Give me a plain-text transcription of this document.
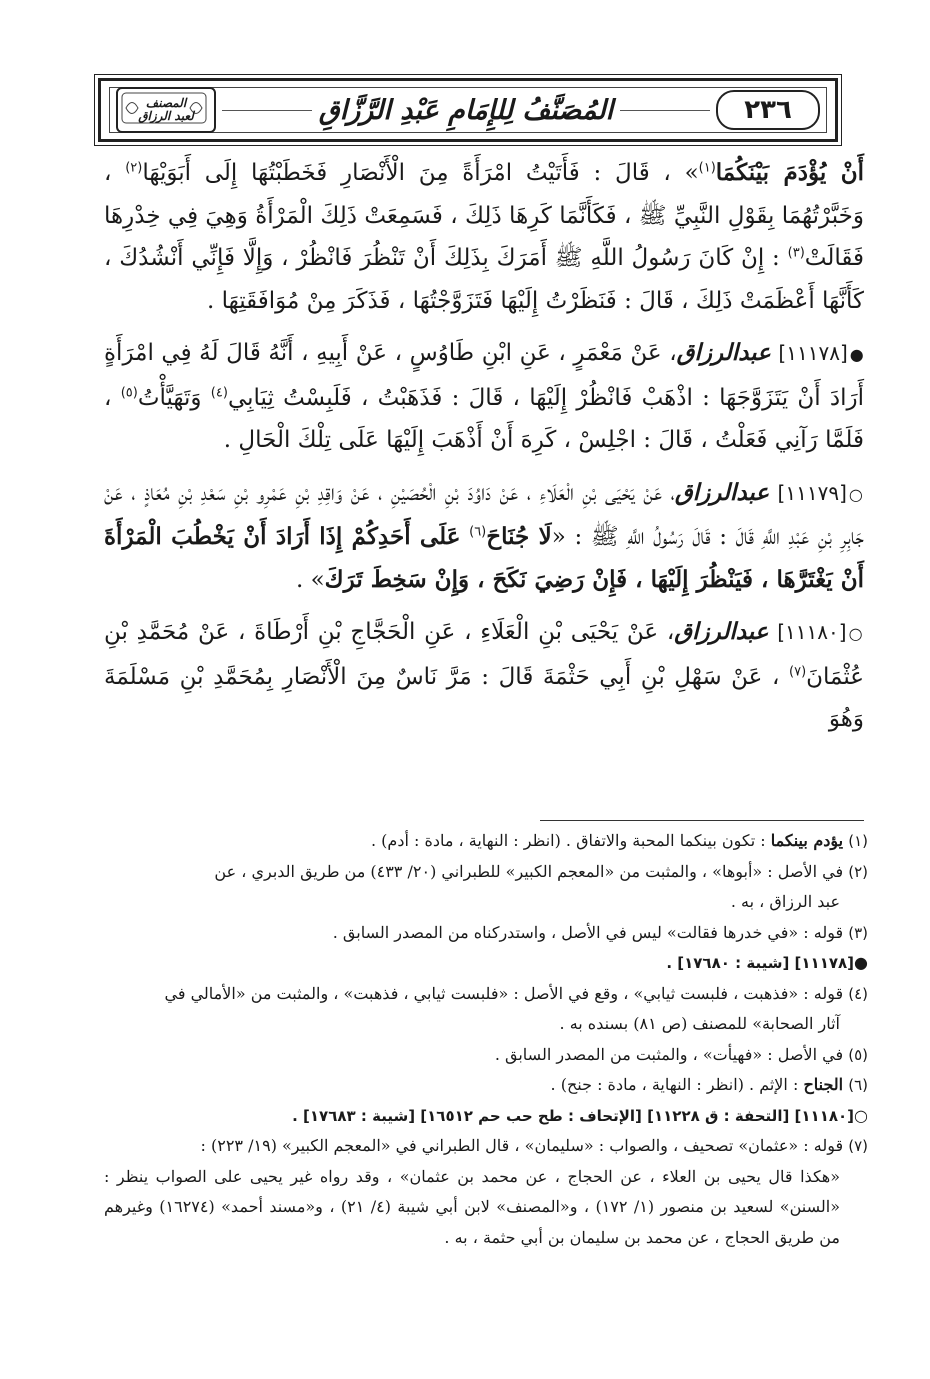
٢٣٦
المُصَنَّفُ لِلإِمَامِ عَبْدِ الرَّزَّاقِ
المصنف
لعبد الرزاق

أَنْ يُؤْدَمَ بَيْنَكُمَا$^{(١)}$» ، قَالَ : فَأَتَيْتُ امْرَأَةً مِنَ الْأَنْصَارِ فَخَطَبْتُهَا إِلَى أَبَوَيْهَا$^{(٢)}$ ، وَخَبَّرْتُهُمَا بِقَوْلِ النَّبِيِّ ﷺ ، فَكَأَنَّمَا كَرِهَا ذَلِكَ ، فَسَمِعَتْ ذَلِكَ الْمَرْأَةُ وَهِيَ فِي خِدْرِهَا فَقَالَتْ$^{(٣)}$ : إِنْ كَانَ رَسُولُ اللَّهِ ﷺ أَمَرَكَ بِذَلِكَ أَنْ تَنْظُرَ فَانْظُرْ ، وَإِلَّا فَإِنِّي أَنْشُدُكَ ، كَأَنَّهَا أَعْظَمَتْ ذَلِكَ ، قَالَ : فَنَظَرْتُ إِلَيْهَا فَتَزَوَّجْتُهَا ، فَذَكَرَ مِنْ مُوَافَقَتِهَا .

●[١١١٧٨] عبدالرزاق، عَنْ مَعْمَرٍ ، عَنِ ابْنِ طَاوُسٍ ، عَنْ أَبِيهِ ، أَنَّهُ قَالَ لَهُ فِي امْرَأَةٍ أَرَادَ أَنْ يَتَزَوَّجَهَا : اذْهَبْ فَانْظُرْ إِلَيْهَا ، قَالَ : فَذَهَبْتُ ، فَلَبِسْتُ ثِيَابِي$^{(٤)}$ وَتَهَيَّأْتُ$^{(٥)}$ ، فَلَمَّا رَآنِي فَعَلْتُ ، قَالَ : اجْلِسْ ، كَرِهَ أَنْ أَذْهَبَ إِلَيْهَا عَلَى تِلْكَ الْحَالِ .

○[١١١٧٩] عبدالرزاق، عَنْ يَحْيَى بْنِ الْعَلَاءِ ، عَنْ دَاوُدَ بْنِ الْحُصَيْنِ ، عَنْ وَاقِدِ بْنِ عَمْرِو بْنِ سَعْدِ بْنِ مُعَاذٍ ، عَنْ جَابِرِ بْنِ عَبْدِ اللَّهِ قَالَ : قَالَ رَسُولُ اللَّهِ ﷺ : «لَا جُنَاحَ$^{(٦)}$ عَلَى أَحَدِكُمْ إِذَا أَرَادَ أَنْ يَخْطُبَ الْمَرْأَةَ أَنْ يَغْتَرَّهَا ، فَيَنْظُرَ إِلَيْهَا ، فَإِنْ رَضِيَ نَكَحَ ، وَإِنْ سَخِطَ تَرَكَ» .

○[١١١٨٠] عبدالرزاق، عَنْ يَحْيَى بْنِ الْعَلَاءِ ، عَنِ الْحَجَّاجِ بْنِ أَرْطَاةَ ، عَنْ مُحَمَّدِ بْنِ عُثْمَانَ$^{(٧)}$ ، عَنْ سَهْلِ بْنِ أَبِي حَثْمَةَ قَالَ : مَرَّ نَاسٌ مِنَ الْأَنْصَارِ بِمُحَمَّدِ بْنِ مَسْلَمَةَ وَهُوَ

(١) يؤدم بينكما : تكون بينكما المحبة والاتفاق . (انظر : النهاية ، مادة : أدم) .

(٢) في الأصل : «أبوها» ، والمثبت من «المعجم الكبير» للطبراني (٢٠/ ٤٣٣) من طريق الدبري ، عن
عبد الرزاق ، به .

(٣) قوله : «في خدرها فقالت» ليس في الأصل ، واستدركناه من المصدر السابق .

●[١١١٧٨] [شيبة : ١٧٦٨٠] .

(٤) قوله : «فذهبت ، فلبست ثيابي» ، وقع في الأصل : «فلبست ثيابي ، فذهبت» ، والمثبت من «الأمالي في
آثار الصحابة» للمصنف (ص ٨١) بسنده به .

(٥) في الأصل : «فهيأت» ، والمثبت من المصدر السابق .

(٦) الجناح : الإثم . (انظر : النهاية ، مادة : جنح) .

○[١١١٨٠] [التحفة : ق ١١٢٢٨] [الإتحاف : طح حب حم ١٦٥١٢] [شيبة : ١٧٦٨٣] .

(٧) قوله : «عثمان» تصحيف ، والصواب : «سليمان» ، قال الطبراني في «المعجم الكبير» (١٩/ ٢٢٣) :
«هكذا قال يحيى بن العلاء ، عن الحجاج ، عن محمد بن عثمان» ، وقد رواه غير يحيى على الصواب ينظر : «السنن» لسعيد بن منصور (١/ ١٧٢) ، و«المصنف» لابن أبي شيبة (٤/ ٢١) ، و«مسند أحمد» (١٦٢٧٤) وغيرهم من طريق الحجاج ، عن محمد بن سليمان بن أبي حثمة ، به .
